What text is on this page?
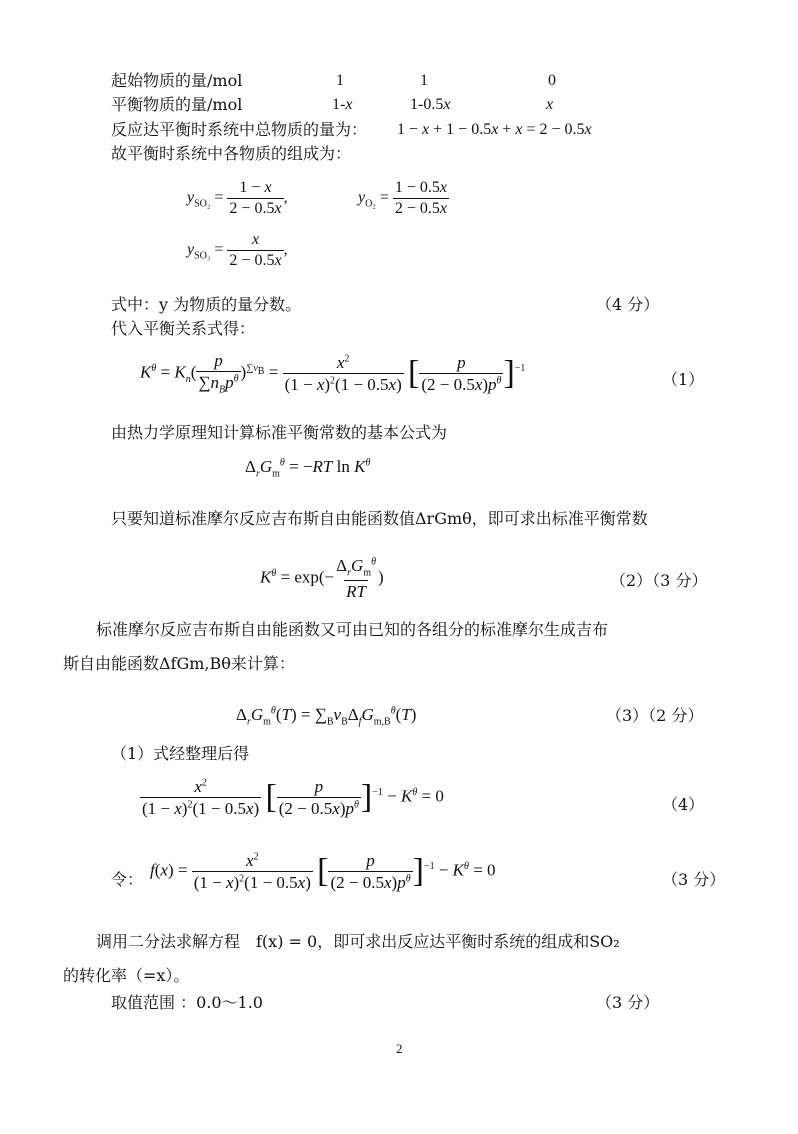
起始物质的量/mol	1	1	0
平衡物质的量/mol	1-x	1-0.5x	x
反应达平衡时系统中总物质的量为： 1 − x + 1 − 0.5x + x = 2 − 0.5x
故平衡时系统中各物质的组成为：
$y_{SO_2} = \frac{1 - x}{2 - 0.5x}$ ,	$y_{O_2} = \frac{1 - 0.5x}{2 - 0.5x}$
$y_{SO_3} = \frac{x}{2 - 0.5x}$ ,
式中：y 为物质的量分数。	（4 分）
代入平衡关系式得：
$K^\theta = K_n( \frac{p}{\sum n_Bp^\theta} )^{\sum\nu_B} = \frac{x^2}{(1 - x)^2(1 - 0.5x)}$ [ $\frac{p}{(2 - 0.5x)p^\theta} ]^{-1}$
（1）
由热力学原理知计算标准平衡常数的基本公式为
$\Delta_rG_m^\theta = -RT$ $\ln K^\theta$
只要知道标准摩尔反应吉布斯自由能函数值ΔrGmθ，即可求出标准平衡常数
$K^\theta = \exp(- \frac{\Delta_rG_m^\theta}{RT}$ )	（2）（3 分）
标准摩尔反应吉布斯自由能函数又可由已知的各组分的标准摩尔生成吉布
斯自由能函数ΔfGm,Bθ来计算：
$\Delta_rG_m^\theta(T) = \sum_B\nu_B\Delta_fG_{m,B}^\theta(T)$	（3）（2 分）
（1）式经整理后得
$\frac{x^2}{(1 - x)^2(1 - 0.5x)}$ [ $\frac{p}{(2 - 0.5x)p^\theta} ]^{-1} - K^\theta = 0$	（4）
令：
$f(x) = \frac{x^2}{(1 - x)^2(1 - 0.5x)}$ [ $\frac{p}{(2 - 0.5x)p^\theta} ]^{-1} - K^\theta = 0$
（3 分）
调用二分法求解方程　f(x) = 0，即可求出反应达平衡时系统的组成和SO₂
的转化率（=x）。
取值范围 ：0.0～1.0	（3 分）
2
